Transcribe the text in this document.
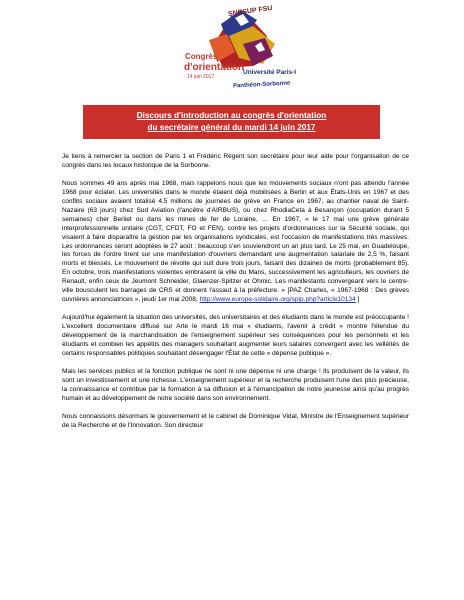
SNESUP FSU
Congrès
d'orientation
14 juin 2017
Université Paris-I
Panthéon-Sorbonne
Discours d'introduction au congrès d'orientation
du secrétaire général du mardi 14 juin 2017

Je tiens à remercier la section de Paris 1 et Frédéric Régent son secrétaire pour leur aide pour l'organisation de ce congrès dans les locaux historique de la Sorbonne.

Nous sommes 49 ans après mai 1968, mais rappelons nous que les mouvements sociaux n'ont pas attendu l'année 1968 pour éclater. Les universités dans le monde étaient déjà mobilisées à Berlin et aux États-Unis en 1967 et des conflits sociaux avaient totalisé 4,5 millions de journées de grève en France en 1967, au chantier naval de Saint-Nazaire (63 jours) chez Sud Aviation (l'ancêtre d'AIRBUS), ou chez RhodiaCeta à Besançon (occupation durant 5 semaines) cher Berliet ou dans les mines de fer de Loraine, … En 1967, « le 17 mai une grève générale interprofessionnelle unitaire (CGT, CFDT, FO et FEN), contre les projets d'ordonnances sur la Sécurité sociale, qui visaient à faire disparaître la gestion par les organisations syndicales, est l'occasion de manifestations très massives. Les ordonnances seront adoptées le 27 août : beaucoup s'en souviendront un an plus tard. Le 25 mai, en Guadeloupe, les forces de l'ordre tirent sur une manifestation d'ouvriers demandant une augmentation salariale de 2,5 %, faisant morts et blessés. Le mouvement de révolte qui suit dure trois jours, faisant des dizaines de morts (probablement 85). En octobre, trois manifestations violentes embrasent la ville du Mans, successivement les agriculteurs, les ouvriers de Renault, enfin ceux de Jeumont Schneider, Glaenzer-Spitzer et Ohmic. Les manifestants convergeant vers le centre-ville bousculent les barrages de CRS et donnent l'assaut à la préfecture. » [PAZ Charles, « 1967-1968 : Des grèves ouvrières annonciatrices », jeudi 1er mai 2008, http://www.europe-solidaire.org/spip.php?article10134 ]

Aujourd'hui également la situation des universités, des universitaires et des étudiants dans le monde est préoccupante ! L'excellent documentaire diffusé sur Arte le mardi 16 mai « étudiants, l'avenir à crédit » montre l'étendue du développement de la marchandisation de l'enseignement supérieur ses conséquences pour les personnels et les étudiants et combien les appétits des managers souhaitant augmenter leurs salaires convergent avec les velléités de certains responsables politiques souhaitant désengager l'État de cette « dépense publique ».

Mais les services publics et la fonction publique ne sont ni une dépense ni une charge ! Ils produisent de la valeur, ils sont un investissement et une richesse. L'enseignement supérieur et la recherche produisent l'une des plus précieuse, la connaissance et contribue par la formation à sa diffusion et à l'émancipation de notre jeunesse ainsi qu'au progrès humain et au développement de notre société dans son environnement.

Nous connaissons désormais le gouvernement et le cabinet de Dominique Vidal, Ministre de l'Enseignement supérieur de la Recherche et de l'Innovation. Son directeur
